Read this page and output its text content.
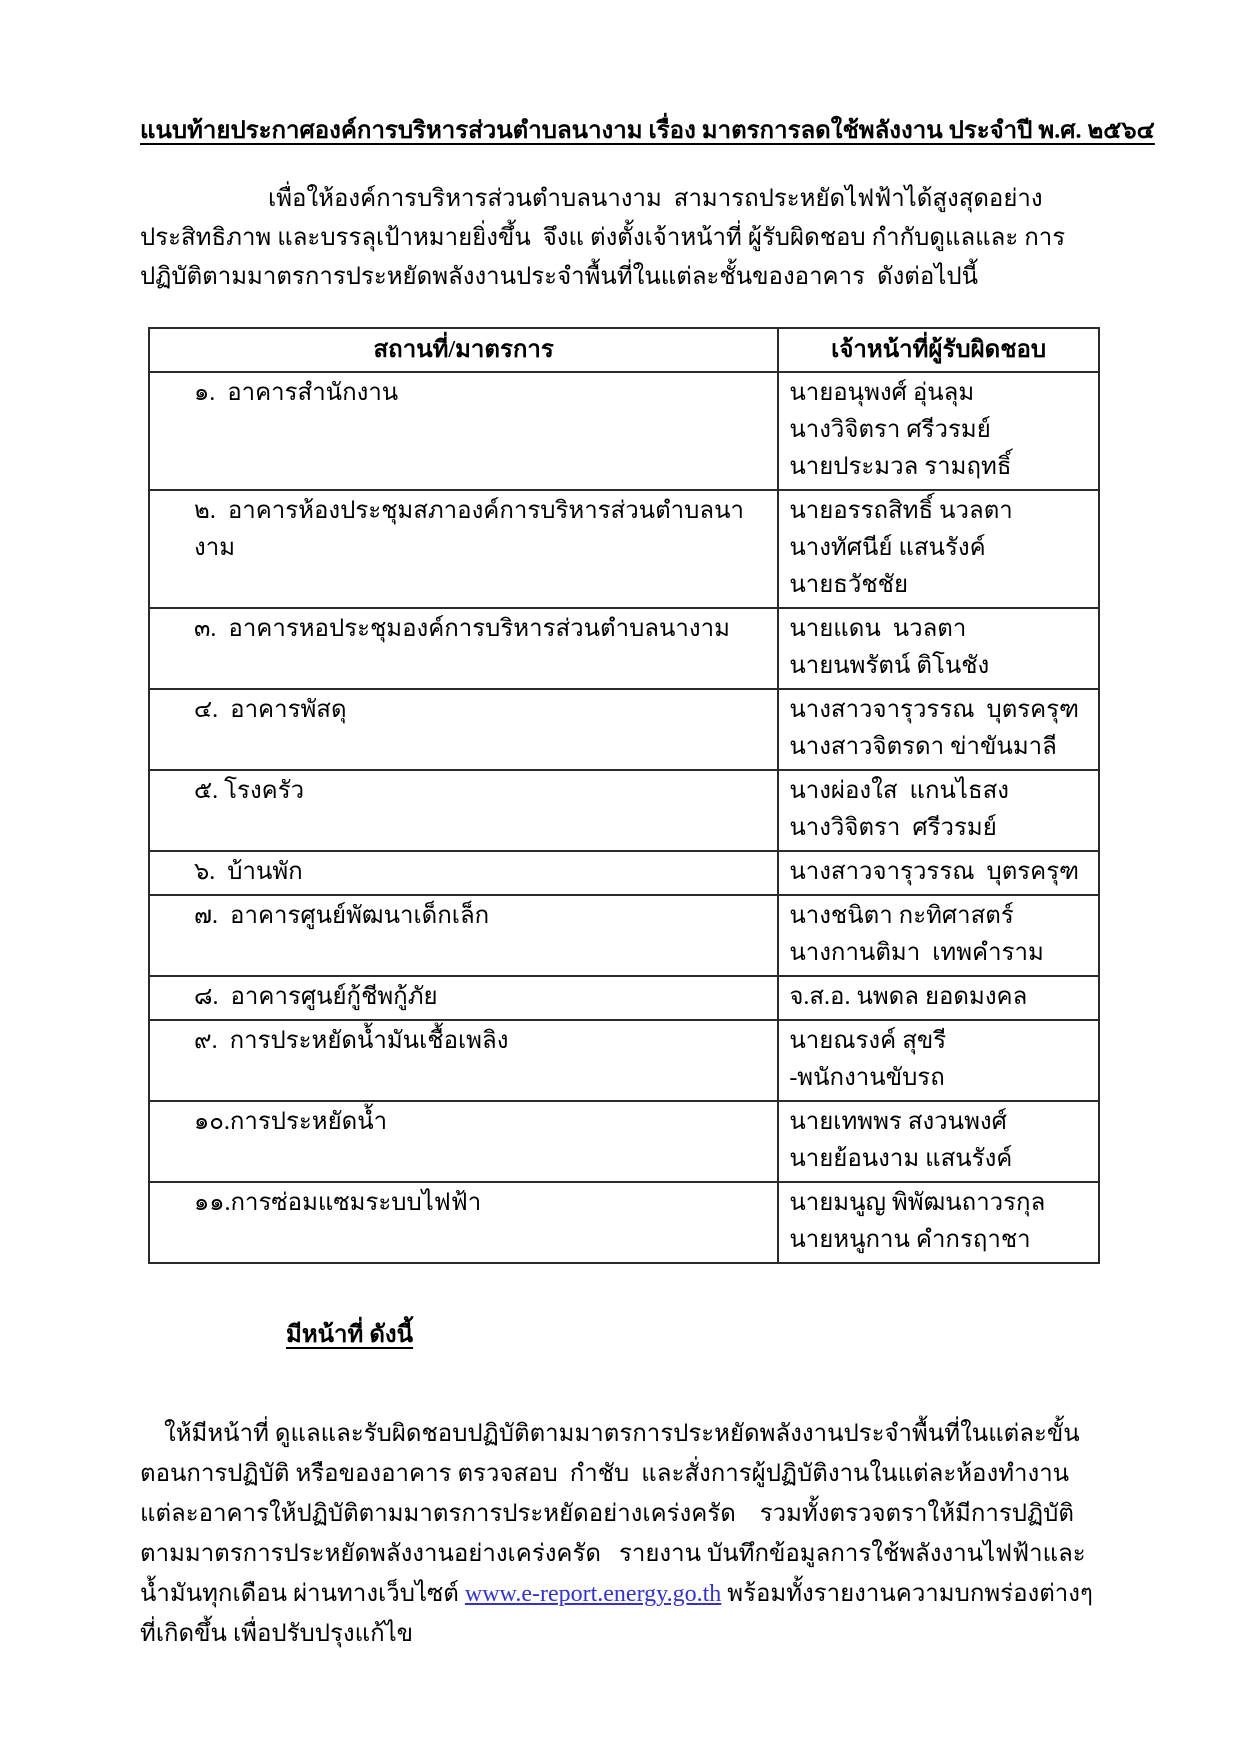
แนบท้ายประกาศองค์การบริหารส่วนตำบลนางาม เรื่อง มาตรการลดใช้พลังงาน ประจำปี พ.ศ. ๒๕๖๔

เพื่อให้องค์การบริหารส่วนตำบลนางาม  สามารถประหยัดไฟฟ้าได้สูงสุดอย่างประสิทธิภาพ และบรรลุเป้าหมายยิ่งขึ้น  จึงแ ต่งตั้งเจ้าหน้าที่ ผู้รับผิดชอบ กำกับดูแลและ การปฏิบัติตามมาตรการประหยัดพลังงานประจำพื้นที่ในแต่ละชั้นของอาคาร  ดังต่อไปนี้

สถานที่/มาตรการ	เจ้าหน้าที่ผู้รับผิดชอบ
๑.  อาคารสำนักงาน	นายอนุพงศ์ อุ่นลุม
นางวิจิตรา ศรีวรมย์
นายประมวล รามฤทธิ์

๒.  อาคารห้องประชุมสภาองค์การบริหารส่วนตำบลนางาม	นายอรรถสิทธิ์ นวลตา
นางทัศนีย์ แสนรังค์
นายธวัชชัย

๓.  อาคารหอประชุมองค์การบริหารส่วนตำบลนางาม	นายแดน  นวลตา
นายนพรัตน์ ติโนชัง

๔.  อาคารพัสดุ	นางสาวจารุวรรณ  บุตรครุฑ
นางสาวจิตรดา ข่าขันมาลี

๕. โรงครัว	นางผ่องใส  แกนไธสง
นางวิจิตรา  ศรีวรมย์

๖.  บ้านพัก	นางสาวจารุวรรณ  บุตรครุฑ

๗.  อาคารศูนย์พัฒนาเด็กเล็ก	นางชนิตา กะทิศาสตร์
นางกานติมา  เทพคำราม

๘.  อาคารศูนย์กู้ชีพกู้ภัย	จ.ส.อ. นพดล ยอดมงคล

๙.  การประหยัดน้ำมันเชื้อเพลิง	นายณรงค์ สุขรี
-พนักงานขับรถ

๑๐.การประหยัดน้ำ	นายเทพพร สงวนพงศ์
นายย้อนงาม แสนรังค์

๑๑.การซ่อมแซมระบบไฟฟ้า	นายมนูญ พิพัฒนถาวรกุล
นายหนูกาน คำกรฤาชา
มีหน้าที่ ดังนี้

ให้มีหน้าที่ ดูแลและรับผิดชอบปฏิบัติตามมาตรการประหยัดพลังงานประจำพื้นที่ในแต่ละขั้นตอนการปฏิบัติ หรือของอาคาร ตรวจสอบ  กำชับ  และสั่งการผู้ปฏิบัติงานในแต่ละห้องทำงานแต่ละอาคารให้ปฏิบัติตามมาตรการประหยัดอย่างเคร่งครัด    รวมทั้งตรวจตราให้มีการปฏิบัติตามมาตรการประหยัดพลังงานอย่างเคร่งครัด   รายงาน บันทึกข้อมูลการใช้พลังงานไฟฟ้าและน้ำมันทุกเดือน ผ่านทางเว็บไซต์ www.e-report.energy.go.th พร้อมทั้งรายงานความบกพร่องต่างๆที่เกิดขึ้น เพื่อปรับปรุงแก้ไข
